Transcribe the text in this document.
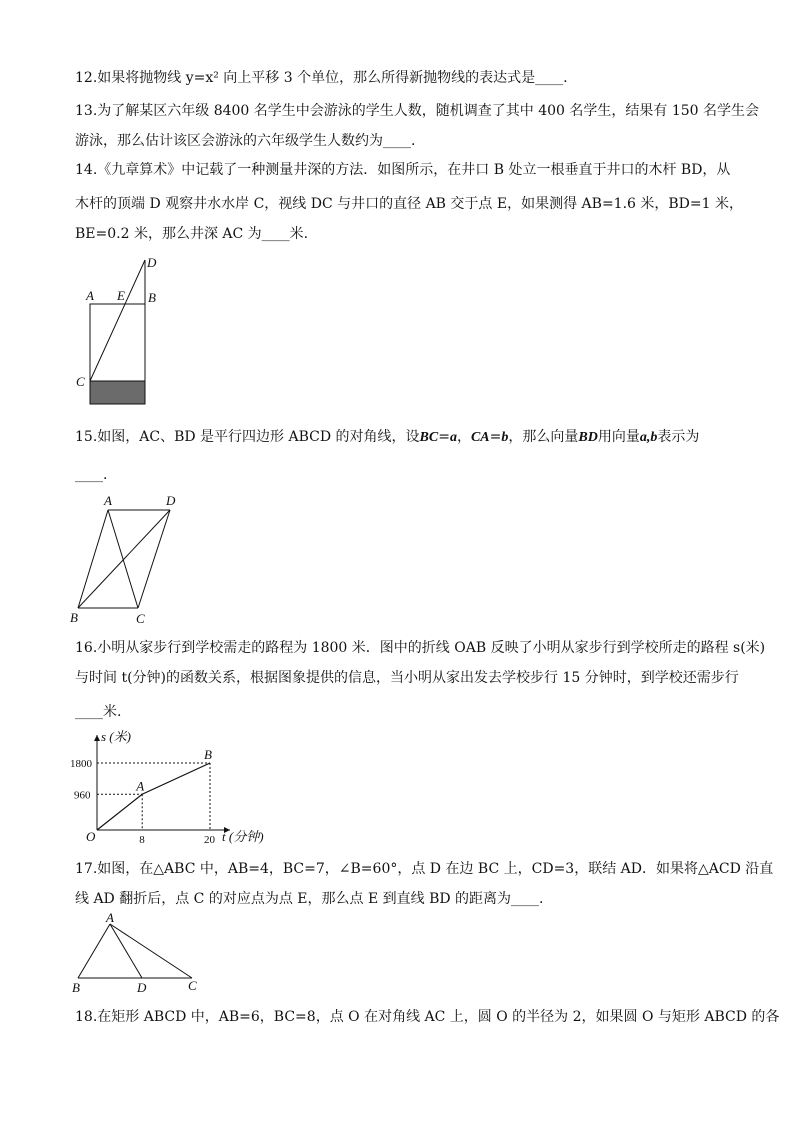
12.如果将抛物线 y=x² 向上平移 3 个单位，那么所得新抛物线的表达式是____.
13.为了解某区六年级 8400 名学生中会游泳的学生人数，随机调查了其中 400 名学生，结果有 150 名学生会
游泳，那么估计该区会游泳的六年级学生人数约为____.
14.《九章算术》中记载了一种测量井深的方法．如图所示，在井口 B 处立一根垂直于井口的木杆 BD，从
木杆的顶端 D 观察井水水岸 C，视线 DC 与井口的直径 AB 交于点 E，如果测得 AB=1.6 米，BD=1 米，
BE=0.2 米，那么井深 AC 为____米.
A E B
D
C
15.如图，AC、BD 是平行四边形 ABCD 的对角线，设BC=a，CA=b，那么向量BD用向量a,b表示为
____.
A	D
B	C
16.小明从家步行到学校需走的路程为 1800 米．图中的折线 OAB 反映了小明从家步行到学校所走的路程 s(米)
与时间 t(分钟)的函数关系，根据图象提供的信息，当小明从家出发去学校步行 15 分钟时，到学校还需步行
____米.
A
B
s (米)
t (分钟)
1800
960
8	20
O
17.如图，在△ABC 中，AB=4，BC=7，∠B=60°，点 D 在边 BC 上，CD=3，联结 AD．如果将△ACD 沿直
线 AD 翻折后，点 C 的对应点为点 E，那么点 E 到直线 BD 的距离为____.
A
B	D	C
18.在矩形 ABCD 中，AB=6，BC=8，点 O 在对角线 AC 上，圆 O 的半径为 2，如果圆 O 与矩形 ABCD 的各
